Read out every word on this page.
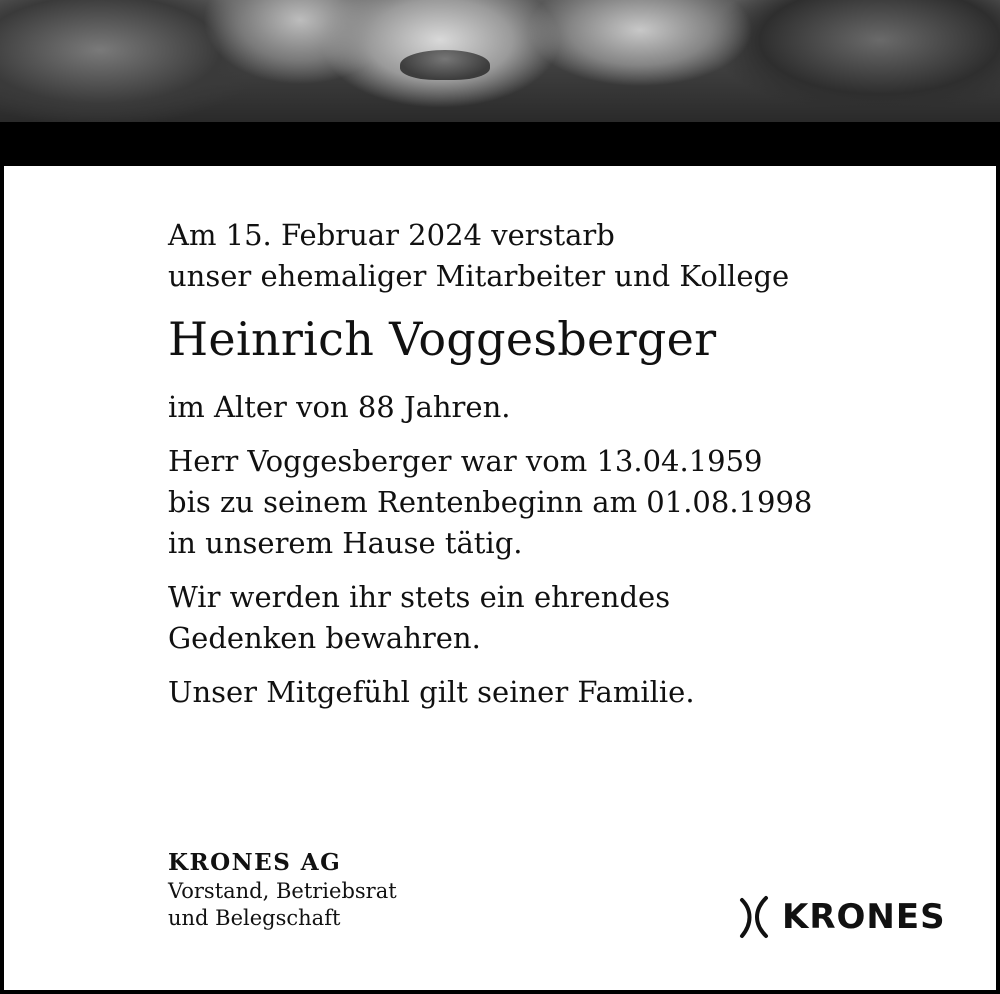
Am 15. Februar 2024 verstarb

unser ehemaliger Mitarbeiter und Kollege

Heinrich Voggesberger

im Alter von 88 Jahren.

Herr Voggesberger war vom 13.04.1959

bis zu seinem Rentenbeginn am 01.08.1998

in unserem Hause tätig.

Wir werden ihr stets ein ehrendes

Gedenken bewahren.

Unser Mitgefühl gilt seiner Familie.

KRONES AG
Vorstand, Betriebsrat
und Belegschaft	KRONES
